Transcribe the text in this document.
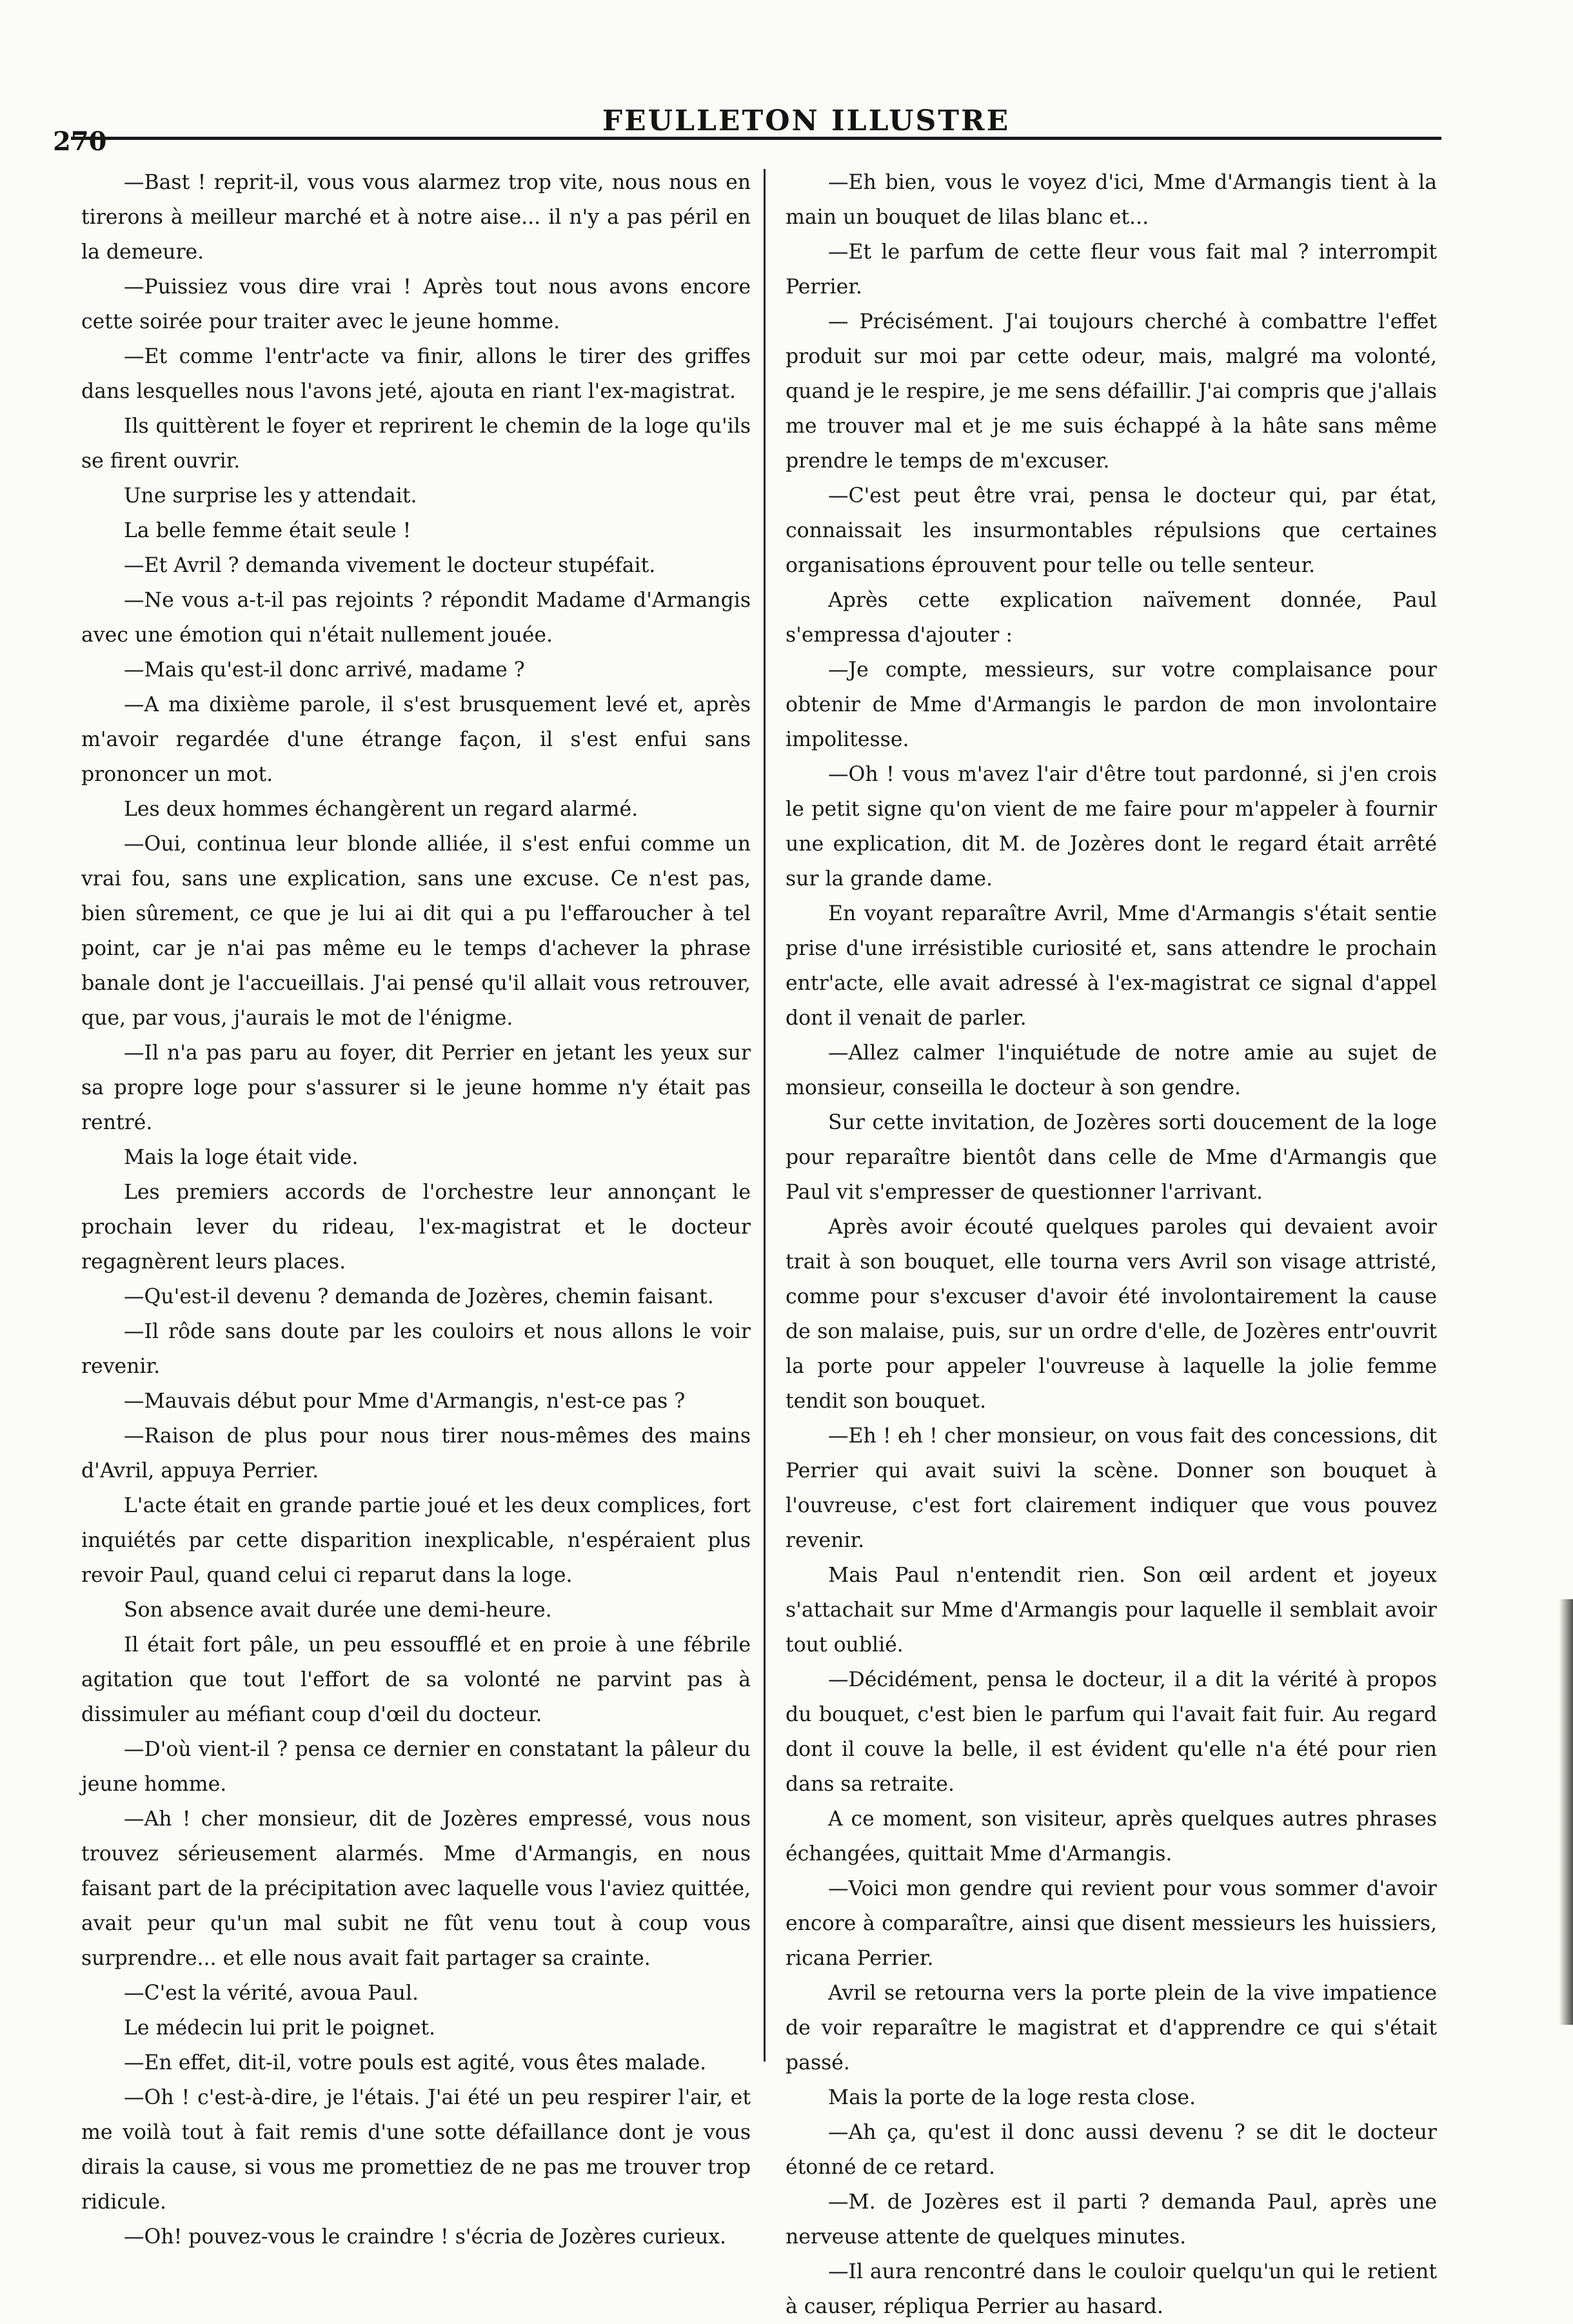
270
FEULLETON ILLUSTRE

—Bast ! reprit-il, vous vous alarmez trop vite, nous nous en tirerons à meilleur marché et à notre aise... il n'y a pas péril en la demeure.

—Puissiez vous dire vrai ! Après tout nous avons encore cette soirée pour traiter avec le jeune homme.

—Et comme l'entr'acte va finir, allons le tirer des griffes dans lesquelles nous l'avons jeté, ajouta en riant l'ex-magistrat.

Ils quittèrent le foyer et reprirent le chemin de la loge qu'ils se firent ouvrir.

Une surprise les y attendait.

La belle femme était seule !

—Et Avril ? demanda vivement le docteur stupéfait.

—Ne vous a-t-il pas rejoints ? répondit Madame d'Armangis avec une émotion qui n'était nullement jouée.

—Mais qu'est-il donc arrivé, madame ?

—A ma dixième parole, il s'est brusquement levé et, après m'avoir regardée d'une étrange façon, il s'est enfui sans prononcer un mot.

Les deux hommes échangèrent un regard alarmé.

—Oui, continua leur blonde alliée, il s'est enfui comme un vrai fou, sans une explication, sans une excuse. Ce n'est pas, bien sûrement, ce que je lui ai dit qui a pu l'effaroucher à tel point, car je n'ai pas même eu le temps d'achever la phrase banale dont je l'accueillais. J'ai pensé qu'il allait vous retrouver, que, par vous, j'aurais le mot de l'énigme.

—Il n'a pas paru au foyer, dit Perrier en jetant les yeux sur sa propre loge pour s'assurer si le jeune homme n'y était pas rentré.

Mais la loge était vide.

Les premiers accords de l'orchestre leur annonçant le prochain lever du rideau, l'ex-magistrat et le docteur regagnèrent leurs places.

—Qu'est-il devenu ? demanda de Jozères, chemin faisant.

—Il rôde sans doute par les couloirs et nous allons le voir revenir.

—Mauvais début pour Mme d'Armangis, n'est-ce pas ?

—Raison de plus pour nous tirer nous-mêmes des mains d'Avril, appuya Perrier.

L'acte était en grande partie joué et les deux complices, fort inquiétés par cette disparition inexplicable, n'espéraient plus revoir Paul, quand celui ci reparut dans la loge.

Son absence avait durée une demi-heure.

Il était fort pâle, un peu essoufflé et en proie à une fébrile agitation que tout l'effort de sa volonté ne parvint pas à dissimuler au méfiant coup d'œil du docteur.

—D'où vient-il ? pensa ce dernier en constatant la pâleur du jeune homme.

—Ah ! cher monsieur, dit de Jozères empressé, vous nous trouvez sérieusement alarmés. Mme d'Armangis, en nous faisant part de la précipitation avec laquelle vous l'aviez quittée, avait peur qu'un mal subit ne fût venu tout à coup vous surprendre... et elle nous avait fait partager sa crainte.

—C'est la vérité, avoua Paul.

Le médecin lui prit le poignet.

—En effet, dit-il, votre pouls est agité, vous êtes malade.

—Oh ! c'est-à-dire, je l'étais. J'ai été un peu respirer l'air, et me voilà tout à fait remis d'une sotte défaillance dont je vous dirais la cause, si vous me promettiez de ne pas me trouver trop ridicule.

—Oh! pouvez-vous le craindre ! s'écria de Jozères curieux.

—Eh bien, vous le voyez d'ici, Mme d'Armangis tient à la main un bouquet de lilas blanc et...

—Et le parfum de cette fleur vous fait mal ? interrompit Perrier.

— Précisément. J'ai toujours cherché à combattre l'effet produit sur moi par cette odeur, mais, malgré ma volonté, quand je le respire, je me sens défaillir. J'ai compris que j'allais me trouver mal et je me suis échappé à la hâte sans même prendre le temps de m'excuser.

—C'est peut être vrai, pensa le docteur qui, par état, connaissait les insurmontables répulsions que certaines organisations éprouvent pour telle ou telle senteur.

Après cette explication naïvement donnée, Paul s'empressa d'ajouter :

—Je compte, messieurs, sur votre complaisance pour obtenir de Mme d'Armangis le pardon de mon involontaire impolitesse.

—Oh ! vous m'avez l'air d'être tout pardonné, si j'en crois le petit signe qu'on vient de me faire pour m'appeler à fournir une explication, dit M. de Jozères dont le regard était arrêté sur la grande dame.

En voyant reparaître Avril, Mme d'Armangis s'était sentie prise d'une irrésistible curiosité et, sans attendre le prochain entr'acte, elle avait adressé à l'ex-magistrat ce signal d'appel dont il venait de parler.

—Allez calmer l'inquiétude de notre amie au sujet de monsieur, conseilla le docteur à son gendre.

Sur cette invitation, de Jozères sorti doucement de la loge pour reparaître bientôt dans celle de Mme d'Armangis que Paul vit s'empresser de questionner l'arrivant.

Après avoir écouté quelques paroles qui devaient avoir trait à son bouquet, elle tourna vers Avril son visage attristé, comme pour s'excuser d'avoir été involontairement la cause de son malaise, puis, sur un ordre d'elle, de Jozères entr'ouvrit la porte pour appeler l'ouvreuse à laquelle la jolie femme tendit son bouquet.

—Eh ! eh ! cher monsieur, on vous fait des concessions, dit Perrier qui avait suivi la scène. Donner son bouquet à l'ouvreuse, c'est fort clairement indiquer que vous pouvez revenir.

Mais Paul n'entendit rien. Son œil ardent et joyeux s'attachait sur Mme d'Armangis pour laquelle il semblait avoir tout oublié.

—Décidément, pensa le docteur, il a dit la vérité à propos du bouquet, c'est bien le parfum qui l'avait fait fuir. Au regard dont il couve la belle, il est évident qu'elle n'a été pour rien dans sa retraite.

A ce moment, son visiteur, après quelques autres phrases échangées, quittait Mme d'Armangis.

—Voici mon gendre qui revient pour vous sommer d'avoir encore à comparaître, ainsi que disent messieurs les huissiers, ricana Perrier.

Avril se retourna vers la porte plein de la vive impatience de voir reparaître le magistrat et d'apprendre ce qui s'était passé.

Mais la porte de la loge resta close.

—Ah ça, qu'est il donc aussi devenu ? se dit le docteur étonné de ce retard.

—M. de Jozères est il parti ? demanda Paul, après une nerveuse attente de quelques minutes.

—Il aura rencontré dans le couloir quelqu'un qui le retient à causer, répliqua Perrier au hasard.
